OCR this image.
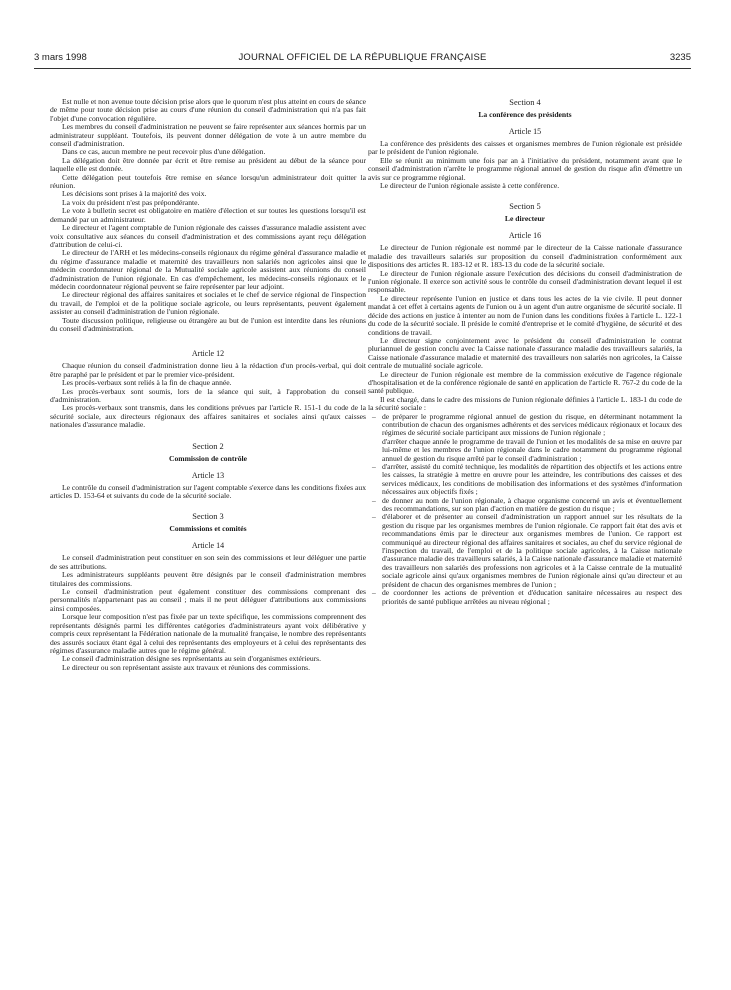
3 mars 1998	JOURNAL OFFICIEL DE LA RÉPUBLIQUE FRANÇAISE	3235

Est nulle et non avenue toute décision prise alors que le quorum n'est plus atteint en cours de séance de même pour toute décision prise au cours d'une réunion du conseil d'administration qui n'a pas fait l'objet d'une convocation régulière.

Les membres du conseil d'administration ne peuvent se faire représenter aux séances hormis par un administrateur suppléant. Toutefois, ils peuvent donner délégation de vote à un autre membre du conseil d'administration.

Dans ce cas, aucun membre ne peut recevoir plus d'une délégation.

La délégation doit être donnée par écrit et être remise au président au début de la séance pour laquelle elle est donnée.

Cette délégation peut toutefois être remise en séance lorsqu'un administrateur doit quitter la réunion.

Les décisions sont prises à la majorité des voix.

La voix du président n'est pas prépondérante.

Le vote à bulletin secret est obligatoire en matière d'élection et sur toutes les questions lorsqu'il est demandé par un administrateur.

Le directeur et l'agent comptable de l'union régionale des caisses d'assurance maladie assistent avec voix consultative aux séances du conseil d'administration et des commissions ayant reçu délégation d'attribution de celui-ci.

Le directeur de l'ARH et les médecins-conseils régionaux du régime général d'assurance maladie et du régime d'assurance maladie et maternité des travailleurs non salariés non agricoles ainsi que le médecin coordonnateur régional de la Mutualité sociale agricole assistent aux réunions du conseil d'administration de l'union régionale. En cas d'empêchement, les médecins-conseils régionaux et le médecin coordonnateur régional peuvent se faire représenter par leur adjoint.

Le directeur régional des affaires sanitaires et sociales et le chef de service régional de l'inspection du travail, de l'emploi et de la politique sociale agricole, ou leurs représentants, peuvent également assister au conseil d'administration de l'union régionale.

Toute discussion politique, religieuse ou étrangère au but de l'union est interdite dans les réunions du conseil d'administration.

Article 12

Chaque réunion du conseil d'administration donne lieu à la rédaction d'un procès-verbal, qui doit être paraphé par le président et par le premier vice-président.

Les procès-verbaux sont reliés à la fin de chaque année.

Les procès-verbaux sont soumis, lors de la séance qui suit, à l'approbation du conseil d'administration.

Les procès-verbaux sont transmis, dans les conditions prévues par l'article R. 151-1 du code de la sécurité sociale, aux directeurs régionaux des affaires sanitaires et sociales ainsi qu'aux caisses nationales d'assurance maladie.

Section 2
Commission de contrôle
Article 13

Le contrôle du conseil d'administration sur l'agent comptable s'exerce dans les conditions fixées aux articles D. 153-64 et suivants du code de la sécurité sociale.

Section 3
Commissions et comités
Article 14

Le conseil d'administration peut constituer en son sein des commissions et leur déléguer une partie de ses attributions.

Les administrateurs suppléants peuvent être désignés par le conseil d'administration membres titulaires des commissions.

Le conseil d'administration peut également constituer des commissions comprenant des personnalités n'appartenant pas au conseil ; mais il ne peut déléguer d'attributions aux commissions ainsi composées.

Lorsque leur composition n'est pas fixée par un texte spécifique, les commissions comprennent des représentants désignés parmi les différentes catégories d'administrateurs ayant voix délibérative y compris ceux représentant la Fédération nationale de la mutualité française, le nombre des représentants des assurés sociaux étant égal à celui des représentants des employeurs et à celui des représentants des régimes d'assurance maladie autres que le régime général.

Le conseil d'administration désigne ses représentants au sein d'organismes extérieurs.

Le directeur ou son représentant assiste aux travaux et réunions des commissions.

Section 4
La conférence des présidents
Article 15

La conférence des présidents des caisses et organismes membres de l'union régionale est présidée par le président de l'union régionale.

Elle se réunit au minimum une fois par an à l'initiative du président, notamment avant que le conseil d'administration n'arrête le programme régional annuel de gestion du risque afin d'émettre un avis sur ce programme régional.

Le directeur de l'union régionale assiste à cette conférence.

Section 5
Le directeur
Article 16

Le directeur de l'union régionale est nommé par le directeur de la Caisse nationale d'assurance maladie des travailleurs salariés sur proposition du conseil d'administration conformément aux dispositions des articles R. 183-12 et R. 183-13 du code de la sécurité sociale.

Le directeur de l'union régionale assure l'exécution des décisions du conseil d'administration de l'union régionale. Il exerce son activité sous le contrôle du conseil d'administration devant lequel il est responsable.

Le directeur représente l'union en justice et dans tous les actes de la vie civile. Il peut donner mandat à cet effet à certains agents de l'union ou à un agent d'un autre organisme de sécurité sociale. Il décide des actions en justice à intenter au nom de l'union dans les conditions fixées à l'article L. 122-1 du code de la sécurité sociale. Il préside le comité d'entreprise et le comité d'hygiène, de sécurité et des conditions de travail.

Le directeur signe conjointement avec le président du conseil d'administration le contrat pluriannuel de gestion conclu avec la Caisse nationale d'assurance maladie des travailleurs salariés, la Caisse nationale d'assurance maladie et maternité des travailleurs non salariés non agricoles, la Caisse centrale de mutualité sociale agricole.

Le directeur de l'union régionale est membre de la commission exécutive de l'agence régionale d'hospitalisation et de la conférence régionale de santé en application de l'article R. 767-2 du code de la santé publique.

Il est chargé, dans le cadre des missions de l'union régionale définies à l'article L. 183-1 du code de la sécurité sociale :

– de préparer le programme régional annuel de gestion du risque, en déterminant notamment la contribution de chacun des organismes adhérents et des services médicaux régionaux et locaux des régimes de sécurité sociale participant aux missions de l'union régionale ;

d'arrêter chaque année le programme de travail de l'union et les modalités de sa mise en œuvre par lui-même et les membres de l'union régionale dans le cadre notamment du programme régional annuel de gestion du risque arrêté par le conseil d'administration ;

– d'arrêter, assisté du comité technique, les modalités de répartition des objectifs et les actions entre les caisses, la stratégie à mettre en œuvre pour les atteindre, les contributions des caisses et des services médicaux, les conditions de mobilisation des informations et des systèmes d'information nécessaires aux objectifs fixés ;
– de donner au nom de l'union régionale, à chaque organisme concerné un avis et éventuellement des recommandations, sur son plan d'action en matière de gestion du risque ;
– d'élaborer et de présenter au conseil d'administration un rapport annuel sur les résultats de la gestion du risque par les organismes membres de l'union régionale. Ce rapport fait état des avis et recommandations émis par le directeur aux organismes membres de l'union. Ce rapport est communiqué au directeur régional des affaires sanitaires et sociales, au chef du service régional de l'inspection du travail, de l'emploi et de la politique sociale agricoles, à la Caisse nationale d'assurance maladie des travailleurs salariés, à la Caisse nationale d'assurance maladie et maternité des travailleurs non salariés des professions non agricoles et à la Caisse centrale de la mutualité sociale agricole ainsi qu'aux organismes membres de l'union régionale ainsi qu'au directeur et au président de chacun des organismes membres de l'union ;
– de coordonner les actions de prévention et d'éducation sanitaire nécessaires au respect des priorités de santé publique arrêtées au niveau régional ;
